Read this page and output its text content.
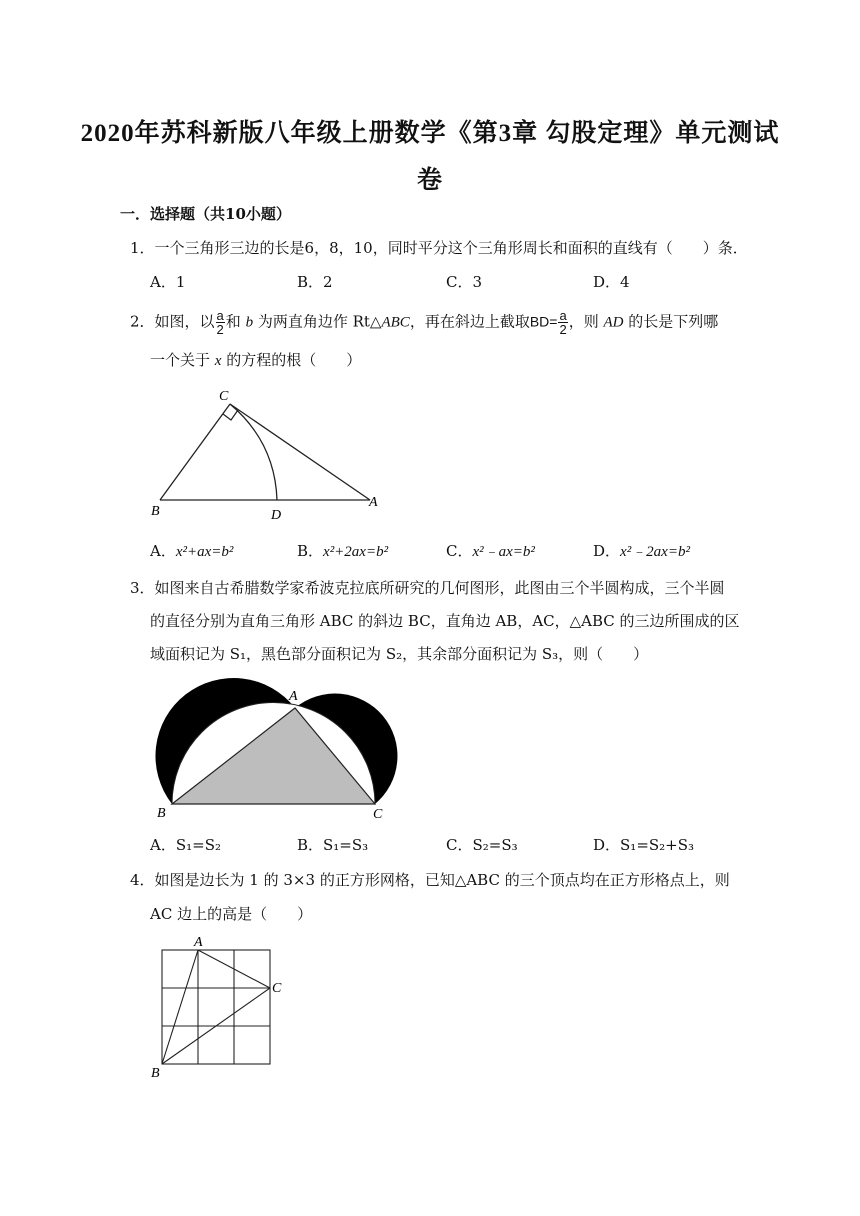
2020年苏科新版八年级上册数学《第3章 勾股定理》单元测试
卷
一．选择题（共10小题）
1．一个三角形三边的长是6，8，10，同时平分这个三角形周长和面积的直线有（　　）条．
A．1	B．2	C．3	D．4
2．如图，以 $\frac{a}{2}$ 和 b 为两直角边作 Rt△ABC，再在斜边上截取$BD= \frac{a}{2}$ ，则 AD 的长是下列哪
一个关于 x 的方程的根（　　）
C
B	D
A
A．x²+ax=b²	B．x²+2ax=b²	C．x²﹣ax=b²	D．x²﹣2ax=b²
3．如图来自古希腊数学家希波克拉底所研究的几何图形，此图由三个半圆构成，三个半圆
的直径分别为直角三角形 ABC 的斜边 BC，直角边 AB，AC，△ABC 的三边所围成的区
域面积记为 S₁，黑色部分面积记为 S₂，其余部分面积记为 S₃，则（　　）
A
B	C
A．S₁=S₂	B．S₁=S₃	C．S₂=S₃	D．S₁=S₂+S₃
4．如图是边长为 1 的 3×3 的正方形网格，已知△ABC 的三个顶点均在正方形格点上，则
AC 边上的高是（　　）
A
C
B
